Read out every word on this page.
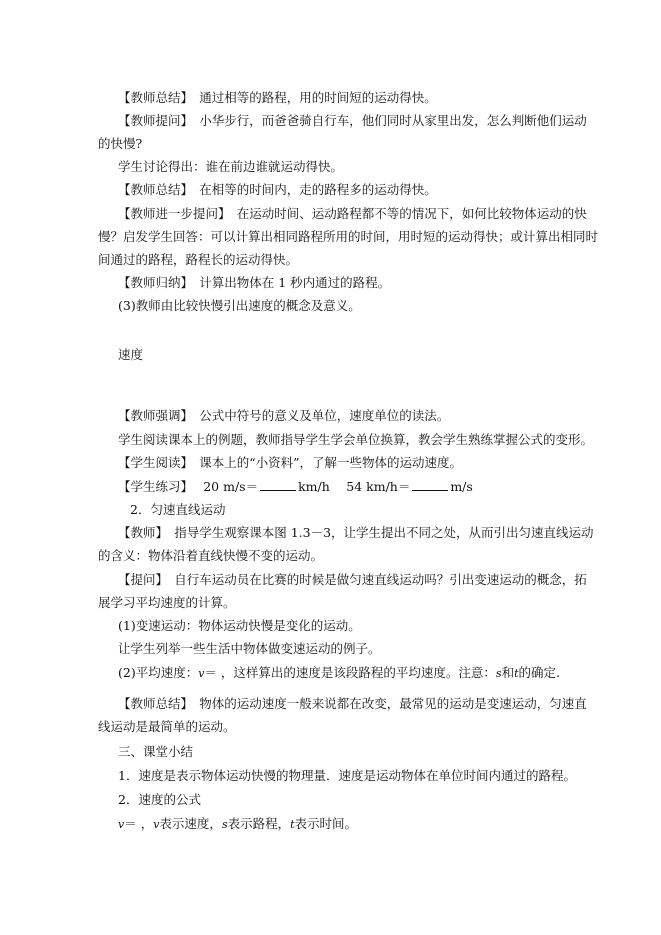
【教师总结】　通过相等的路程，用的时间短的运动得快。
【教师提问】　小华步行，而爸爸骑自行车，他们同时从家里出发，怎么判断他们运动
的快慢?
学生讨论得出：谁在前边谁就运动得快。
【教师总结】　在相等的时间内，走的路程多的运动得快。
【教师进一步提问】　在运动时间、运动路程都不等的情况下，如何比较物体运动的快
慢？启发学生回答：可以计算出相同路程所用的时间，用时短的运动得快；或计算出相同时
间通过的路程，路程长的运动得快。
【教师归纳】　计算出物体在 1 秒内通过的路程。
(3)教师由比较快慢引出速度的概念及意义。
速度
【教师强调】　公式中符号的意义及单位，速度单位的读法。
学生阅读课本上的例题，教师指导学生学会单位换算，教会学生熟练掌握公式的变形。
【学生阅读】　课本上的“小资料”，了解一些物体的运动速度。
【学生练习】　 20 m/s＝	km/h　 54 km/h＝	m/s
2．匀速直线运动
【教师】　指导学生观察课本图 1.3－3，让学生提出不同之处，从而引出匀速直线运动
的含义：物体沿着直线快慢不变的运动。
【提问】　自行车运动员在比赛的时候是做匀速直线运动吗？引出变速运动的概念，拓
展学习平均速度的计算。
(1)变速运动：物体运动快慢是变化的运动。
让学生列举一些生活中物体做变速运动的例子。
(2)平均速度：v＝ ，这样算出的速度是该段路程的平均速度。注意：s和t的确定.
【教师总结】　物体的运动速度一般来说都在改变，最常见的运动是变速运动，匀速直
线运动是最简单的运动。
三、课堂小结
1．速度是表示物体运动快慢的物理量．速度是运动物体在单位时间内通过的路程。
2．速度的公式
v＝ ，v表示速度，s表示路程，t表示时间。
